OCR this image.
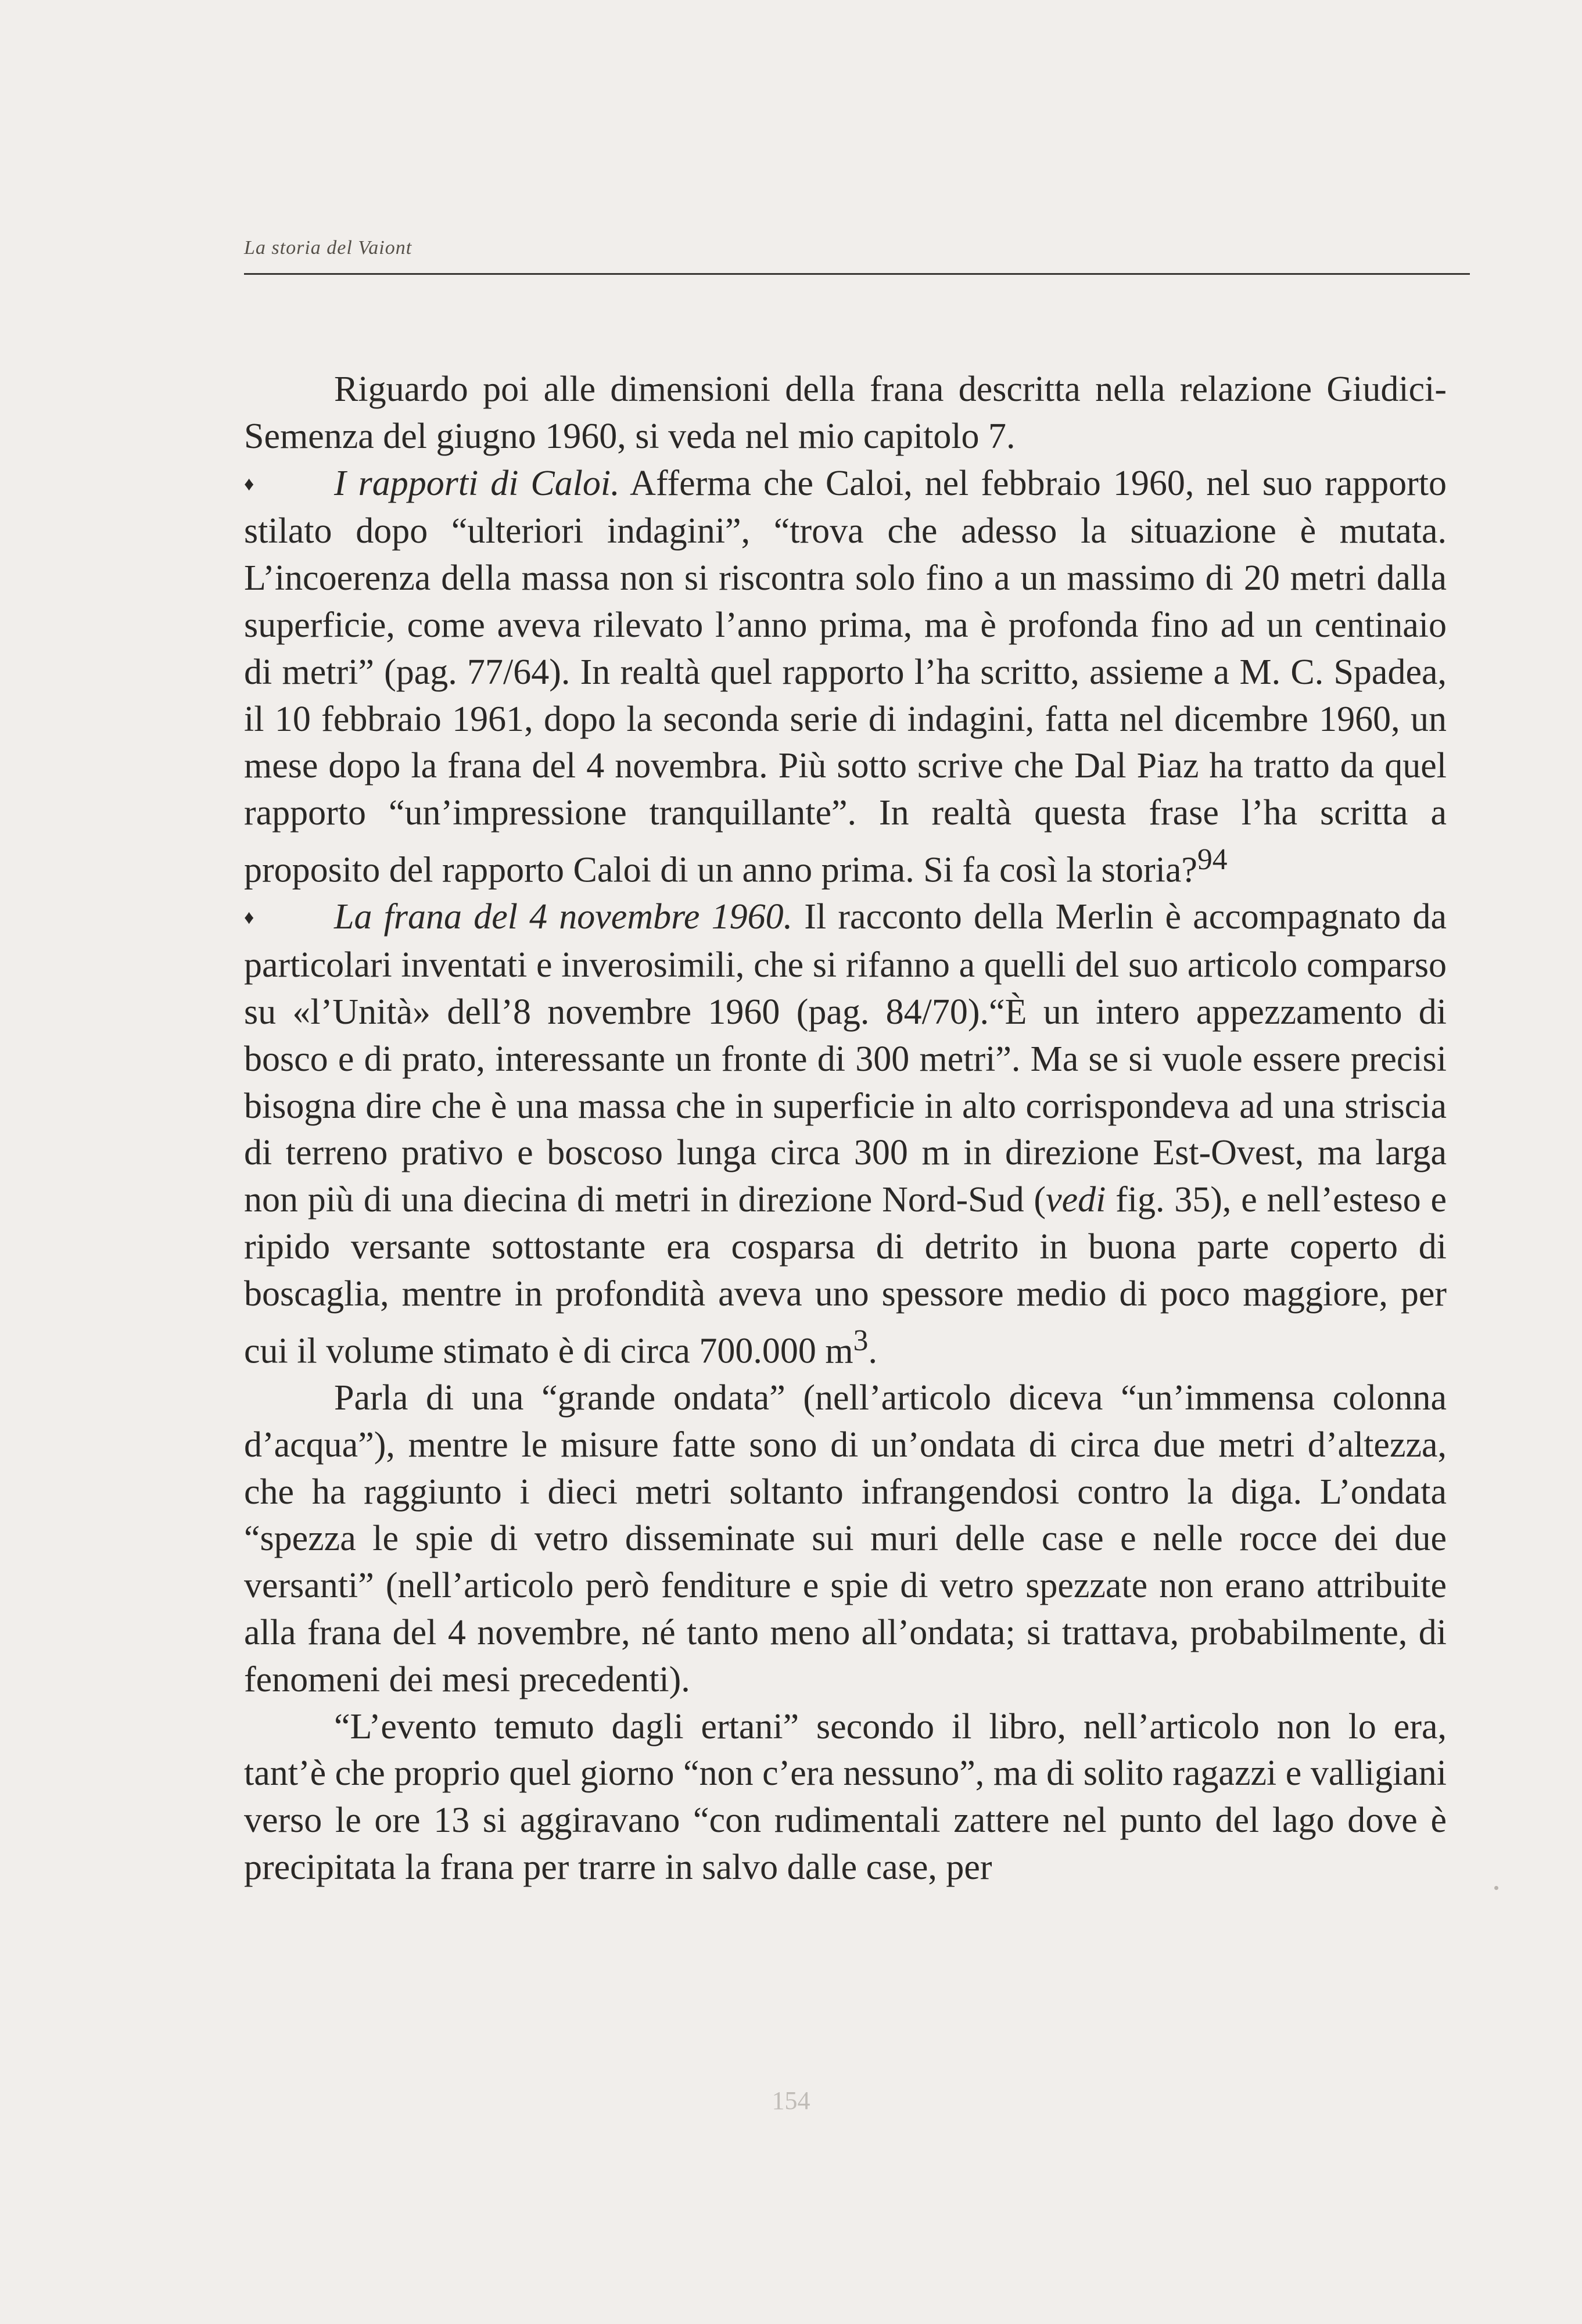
La storia del Vaiont

Riguardo poi alle dimensioni della frana descritta nella relazione Giudici-Semenza del giugno 1960, si veda nel mio capitolo 7.

♦ I rapporti di Caloi. Afferma che Caloi, nel febbraio 1960, nel suo rapporto stilato dopo “ulteriori indagini”, “trova che adesso la situazione è mutata. L’incoerenza della massa non si riscontra solo fino a un massimo di 20 metri dalla superficie, come aveva rilevato l’anno prima, ma è profonda fino ad un centinaio di metri” (pag. 77/64). In realtà quel rapporto l’ha scritto, assieme a M. C. Spadea, il 10 febbraio 1961, dopo la seconda serie di indagini, fatta nel dicembre 1960, un mese dopo la frana del 4 novembra. Più sotto scrive che Dal Piaz ha tratto da quel rapporto “un’impressione tranquillante”. In realtà questa frase l’ha scritta a proposito del rapporto Caloi di un anno prima. Si fa così la storia?$^{94}$

♦ La frana del 4 novembre 1960. Il racconto della Merlin è accompagnato da particolari inventati e inverosimili, che si rifanno a quelli del suo articolo comparso su «l’Unità» dell’8 novembre 1960 (pag. 84/70).“È un intero appezzamento di bosco e di prato, interessante un fronte di 300 metri”. Ma se si vuole essere precisi bisogna dire che è una massa che in superficie in alto corrispondeva ad una striscia di terreno prativo e boscoso lunga circa 300 m in direzione Est-Ovest, ma larga non più di una diecina di metri in direzione Nord-Sud (vedi fig. 35), e nell’esteso e ripido versante sottostante era cosparsa di detrito in buona parte coperto di boscaglia, mentre in profondità aveva uno spessore medio di poco maggiore, per cui il volume stimato è di circa 700.000 $m^3$.

Parla di una “grande ondata” (nell’articolo diceva “un’immensa colonna d’acqua”), mentre le misure fatte sono di un’ondata di circa due metri d’altezza, che ha raggiunto i dieci metri soltanto infrangendosi contro la diga. L’ondata “spezza le spie di vetro disseminate sui muri delle case e nelle rocce dei due versanti” (nell’articolo però fenditure e spie di vetro spezzate non erano attribuite alla frana del 4 novembre, né tanto meno all’ondata; si trattava, probabilmente, di fenomeni dei mesi precedenti).

“L’evento temuto dagli ertani” secondo il libro, nell’articolo non lo era, tant’è che proprio quel giorno “non c’era nessuno”, ma di solito ragazzi e valligiani verso le ore 13 si aggiravano “con rudimentali zattere nel punto del lago dove è precipitata la frana per trarre in salvo dalle case, per

154
